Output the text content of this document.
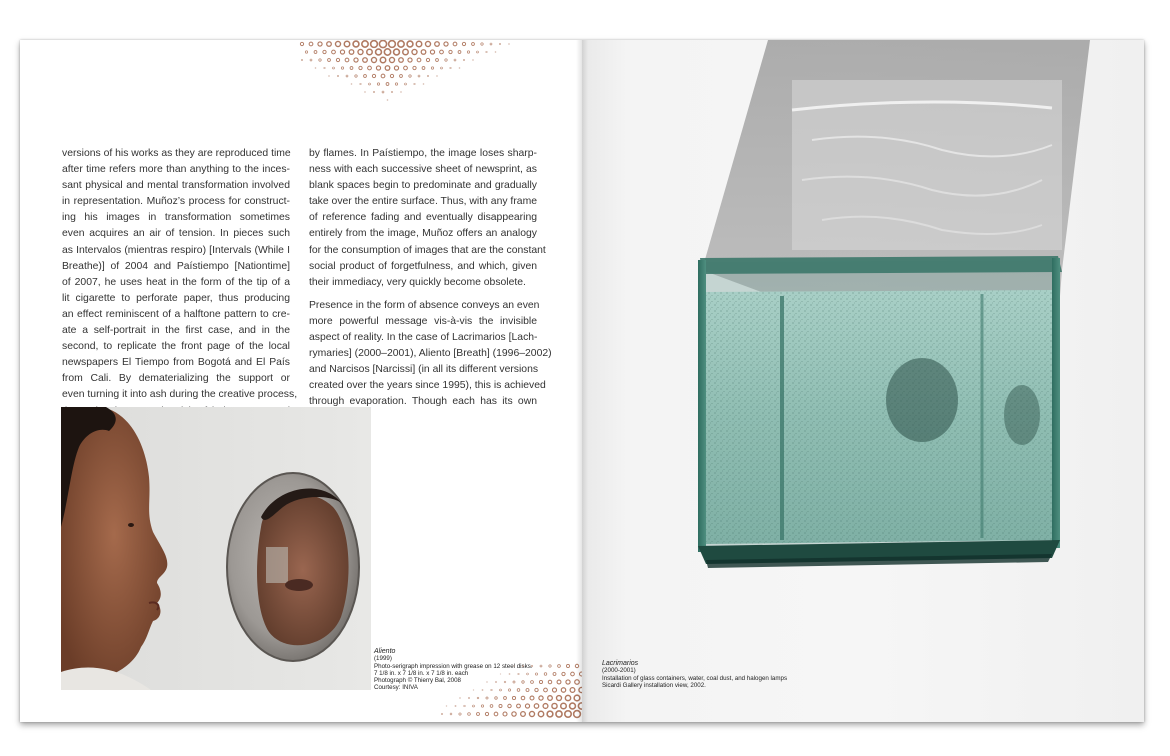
versions of his works as they are reproduced time
after time refers more than anything to the inces-
sant physical and mental transformation involved
in representation. Muñoz’s process for construct-
ing his images in transformation sometimes
even acquires an air of tension. In pieces such
as Intervalos (mientras respiro) [Intervals (While I
Breathe)] of 2004 and Paístiempo [Nationtime]
of 2007, he uses heat in the form of the tip of a
lit cigarette to perforate paper, thus producing
an effect reminiscent of a halftone pattern to cre-
ate a self-portrait in the first case, and in the
second, to replicate the front page of the local
newspapers El Tiempo from Bogotá and El País
from Cali. By dematerializing the support or
even turning it into ash during the creative process,

by flames. In Paístiempo, the image loses sharp-
ness with each successive sheet of newsprint, as
blank spaces begin to predominate and gradually
take over the entire surface. Thus, with any frame
of reference fading and eventually disappearing
entirely from the image, Muñoz offers an analogy
for the consumption of images that are the constant
social product of forgetfulness, and which, given
their immediacy, very quickly become obsolete.

Presence in the form of absence conveys an even
more powerful message vis-à-vis the invisible
aspect of reality. In the case of Lacrimarios [Lach-
rymaries] (2000–2001), Aliento [Breath] (1996–2002)
and Narcisos [Narcissi] (in all its different versions
created over the years since 1995), this is achieved
through evaporation. Though each has its own

Aliento
(1999)
Photo-serigraph impression with grease on 12 steel disks.
7 1/8 in. x 7 1/8 in. x 7 1/8 in. each
Photograph © Thierry Bal, 2008
Courtesy: INIVA
Lacrimarios
(2000-2001)
Installation of glass containers, water, coal dust, and halogen lamps
Sicardi Gallery installation view, 2002.
